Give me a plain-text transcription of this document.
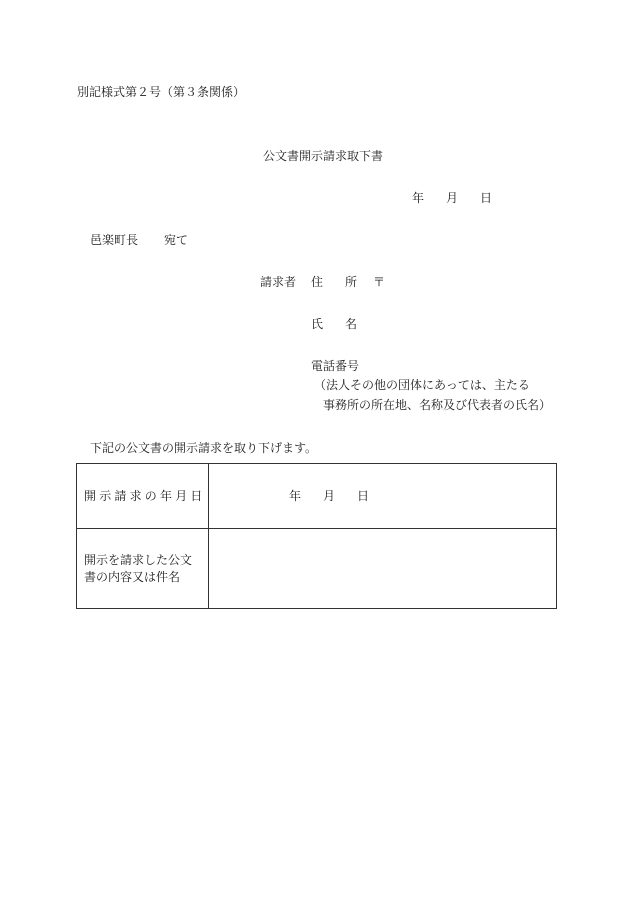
別記様式第２号（第３条関係）
公文書開示請求取下書
年 月 日
邑楽町長 宛て
請求者 住 所 〒
氏 名
電話番号
（法人その他の団体にあっては、主たる
事務所の所在地、名称及び代表者の氏名）
下記の公文書の開示請求を取り下げます。
開示請求の年月日	年 月 日

開示を請求した公文書の内容又は件名	
